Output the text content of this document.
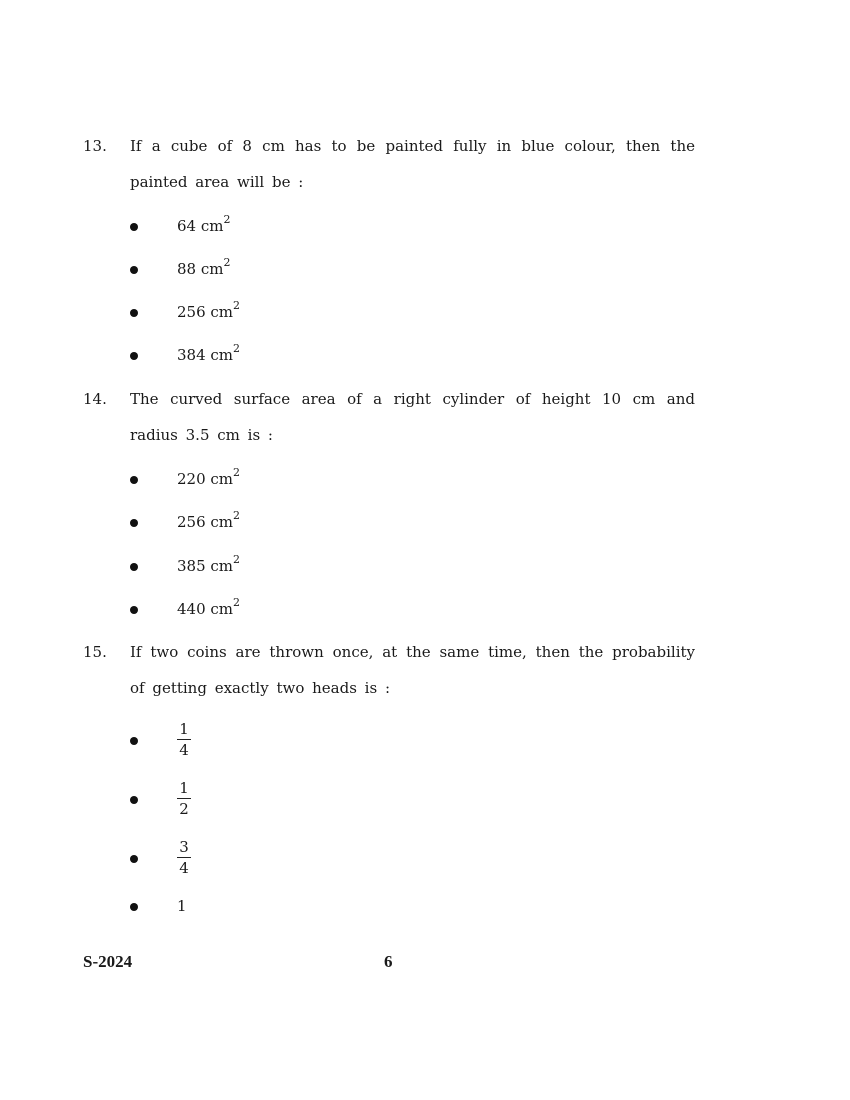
13. If a cube of 8 cm has to be painted fully in blue colour, then the painted area will be :
64 $cm^2$
88 $cm^2$
256 $cm^2$
384 $cm^2$
14. The curved surface area of a right cylinder of height 10 cm and radius 3.5 cm is :
220 $cm^2$
256 $cm^2$
385 $cm^2$
440 $cm^2$
15. If two coins are thrown once, at the same time, then the probability of getting exactly two heads is :
$\frac{1}{4}$
$\frac{1}{2}$
$\frac{3}{4}$
1
S-2024	6
